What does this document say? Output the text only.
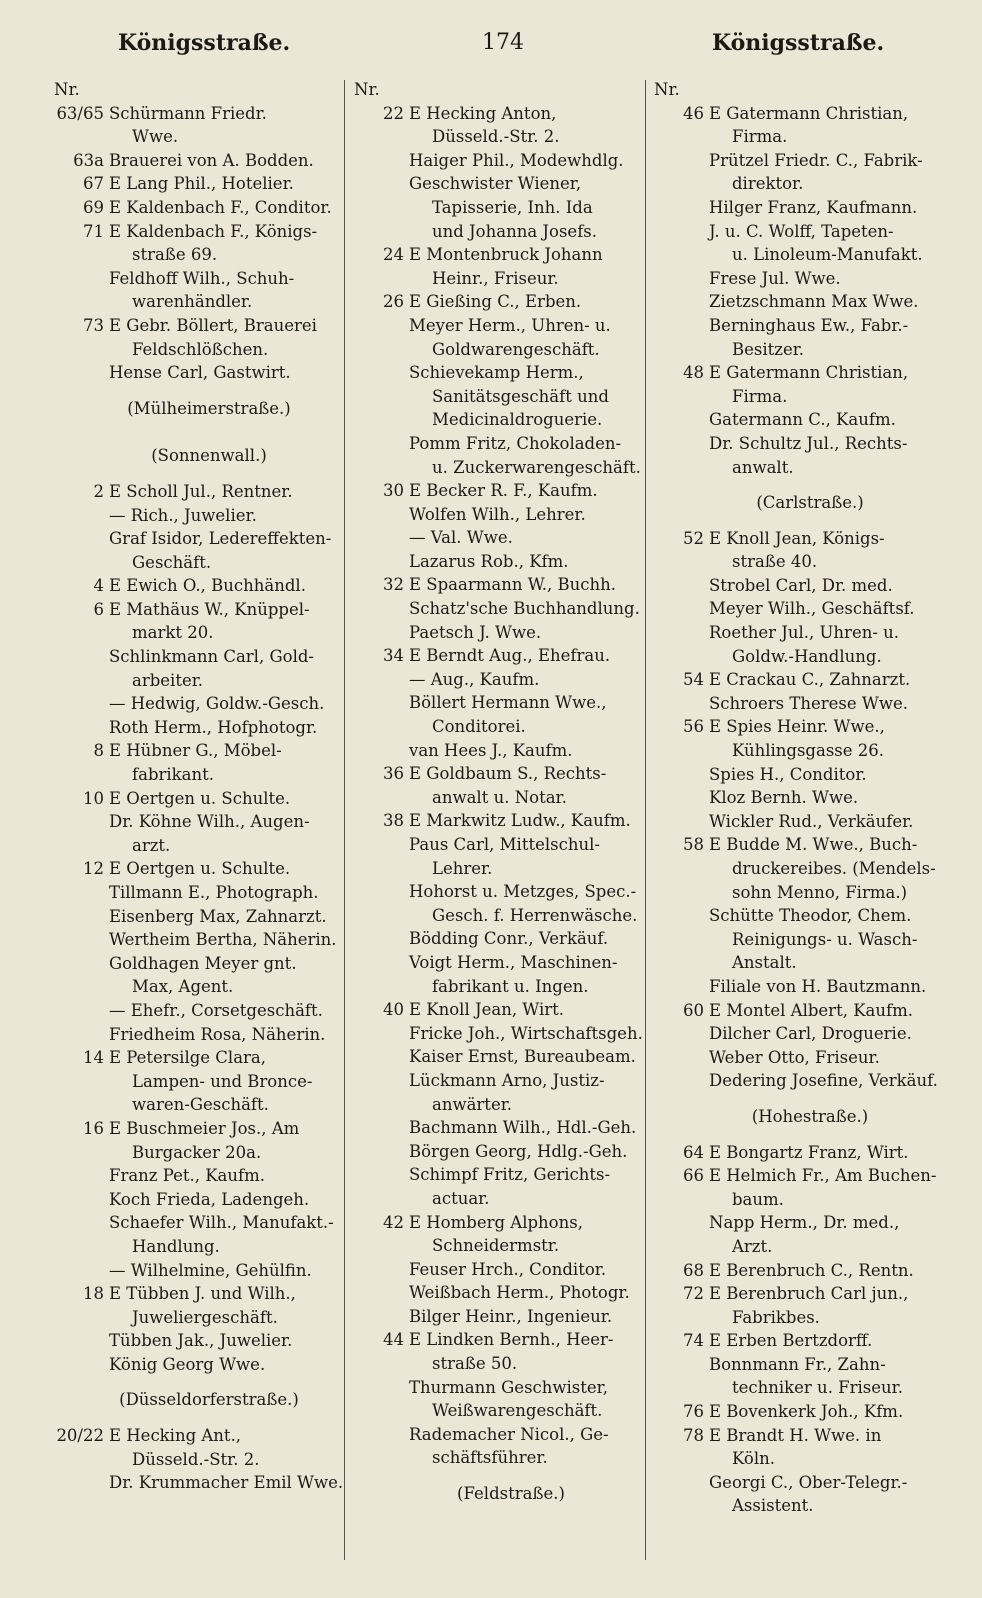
Königsstraße.	174	Königsstraße.
Nr.
63/65 Schürmann Friedr.
Wwe.
63a Brauerei von A. Bodden.
67 E Lang Phil., Hotelier.
69 E Kaldenbach F., Conditor.
71 E Kaldenbach F., Königs-
straße 69.
Feldhoff Wilh., Schuh-
warenhändler.
73 E Gebr. Böllert, Brauerei
Feldschlößchen.
Hense Carl, Gastwirt.
(Mülheimerstraße.)
(Sonnenwall.)
2 E Scholl Jul., Rentner.
— Rich., Juwelier.
Graf Isidor, Ledereffekten-
Geschäft.
4 E Ewich O., Buchhändl.
6 E Mathäus W., Knüppel-
markt 20.
Schlinkmann Carl, Gold-
arbeiter.
— Hedwig, Goldw.-Gesch.
Roth Herm., Hofphotogr.
8 E Hübner G., Möbel-
fabrikant.
10 E Oertgen u. Schulte.
Dr. Köhne Wilh., Augen-
arzt.
12 E Oertgen u. Schulte.
Tillmann E., Photograph.
Eisenberg Max, Zahnarzt.
Wertheim Bertha, Näherin.
Goldhagen Meyer gnt.
Max, Agent.
— Ehefr., Corsetgeschäft.
Friedheim Rosa, Näherin.
14 E Petersilge Clara,
Lampen- und Bronce-
waren-Geschäft.
16 E Buschmeier Jos., Am
Burgacker 20a.
Franz Pet., Kaufm.
Koch Frieda, Ladengeh.
Schaefer Wilh., Manufakt.-
Handlung.
— Wilhelmine, Gehülfin.
18 E Tübben J. und Wilh.,
Juweliergeschäft.
Tübben Jak., Juwelier.
König Georg Wwe.
(Düsseldorferstraße.)
20/22 E Hecking Ant.,
Düsseld.-Str. 2.
Dr. Krummacher Emil Wwe.
Nr.
22 E Hecking Anton,
Düsseld.-Str. 2.
Haiger Phil., Modewhdlg.
Geschwister Wiener,
Tapisserie, Inh. Ida
und Johanna Josefs.
24 E Montenbruck Johann
Heinr., Friseur.
26 E Gießing C., Erben.
Meyer Herm., Uhren- u.
Goldwarengeschäft.
Schievekamp Herm.,
Sanitätsgeschäft und
Medicinaldroguerie.
Pomm Fritz, Chokoladen-
u. Zuckerwarengeschäft.
30 E Becker R. F., Kaufm.
Wolfen Wilh., Lehrer.
— Val. Wwe.
Lazarus Rob., Kfm.
32 E Spaarmann W., Buchh.
Schatz'sche Buchhandlung.
Paetsch J. Wwe.
34 E Berndt Aug., Ehefrau.
— Aug., Kaufm.
Böllert Hermann Wwe.,
Conditorei.
van Hees J., Kaufm.
36 E Goldbaum S., Rechts-
anwalt u. Notar.
38 E Markwitz Ludw., Kaufm.
Paus Carl, Mittelschul-
Lehrer.
Hohorst u. Metzges, Spec.-
Gesch. f. Herrenwäsche.
Bödding Conr., Verkäuf.
Voigt Herm., Maschinen-
fabrikant u. Ingen.
40 E Knoll Jean, Wirt.
Fricke Joh., Wirtschaftsgeh.
Kaiser Ernst, Bureaubeam.
Lückmann Arno, Justiz-
anwärter.
Bachmann Wilh., Hdl.-Geh.
Börgen Georg, Hdlg.-Geh.
Schimpf Fritz, Gerichts-
actuar.
42 E Homberg Alphons,
Schneidermstr.
Feuser Hrch., Conditor.
Weißbach Herm., Photogr.
Bilger Heinr., Ingenieur.
44 E Lindken Bernh., Heer-
straße 50.
Thurmann Geschwister,
Weißwarengeschäft.
Rademacher Nicol., Ge-
schäftsführer.
(Feldstraße.)
Nr.
46 E Gatermann Christian,
Firma.
Prützel Friedr. C., Fabrik-
direktor.
Hilger Franz, Kaufmann.
J. u. C. Wolff, Tapeten-
u. Linoleum-Manufakt.
Frese Jul. Wwe.
Zietzschmann Max Wwe.
Berninghaus Ew., Fabr.-
Besitzer.
48 E Gatermann Christian,
Firma.
Gatermann C., Kaufm.
Dr. Schultz Jul., Rechts-
anwalt.
(Carlstraße.)
52 E Knoll Jean, Königs-
straße 40.
Strobel Carl, Dr. med.
Meyer Wilh., Geschäftsf.
Roether Jul., Uhren- u.
Goldw.-Handlung.
54 E Crackau C., Zahnarzt.
Schroers Therese Wwe.
56 E Spies Heinr. Wwe.,
Kühlingsgasse 26.
Spies H., Conditor.
Kloz Bernh. Wwe.
Wickler Rud., Verkäufer.
58 E Budde M. Wwe., Buch-
druckereibes. (Mendels-
sohn Menno, Firma.)
Schütte Theodor, Chem.
Reinigungs- u. Wasch-
Anstalt.
Filiale von H. Bautzmann.
60 E Montel Albert, Kaufm.
Dilcher Carl, Droguerie.
Weber Otto, Friseur.
Dedering Josefine, Verkäuf.
(Hohestraße.)
64 E Bongartz Franz, Wirt.
66 E Helmich Fr., Am Buchen-
baum.
Napp Herm., Dr. med.,
Arzt.
68 E Berenbruch C., Rentn.
72 E Berenbruch Carl jun.,
Fabrikbes.
74 E Erben Bertzdorff.
Bonnmann Fr., Zahn-
techniker u. Friseur.
76 E Bovenkerk Joh., Kfm.
78 E Brandt H. Wwe. in
Köln.
Georgi C., Ober-Telegr.-
Assistent.
